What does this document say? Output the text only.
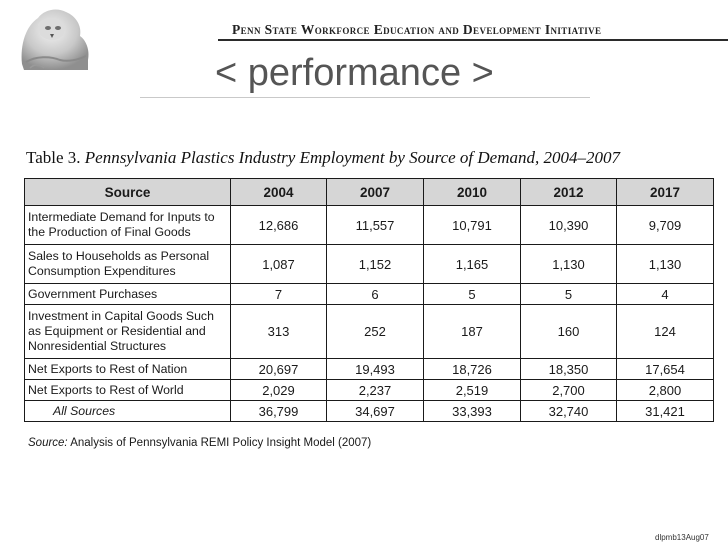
Penn State Workforce Education and Development Initiative
< performance >
Table 3. Pennsylvania Plastics Industry Employment by Source of Demand, 2004–2007
Source	2004	2007	2010	2012	2017
Intermediate Demand for Inputs to the Production of Final Goods	12,686	11,557	10,791	10,390	9,709
Sales to Households as Personal Consumption Expenditures	1,087	1,152	1,165	1,130	1,130
Government Purchases	7	6	5	5	4
Investment in Capital Goods Such as Equipment or Residential and Nonresidential Structures	313	252	187	160	124
Net Exports to Rest of Nation	20,697	19,493	18,726	18,350	17,654
Net Exports to Rest of World	2,029	2,237	2,519	2,700	2,800
All Sources	36,799	34,697	33,393	32,740	31,421
Source: Analysis of Pennsylvania REMI Policy Insight Model (2007)
dlpmb13Aug07
